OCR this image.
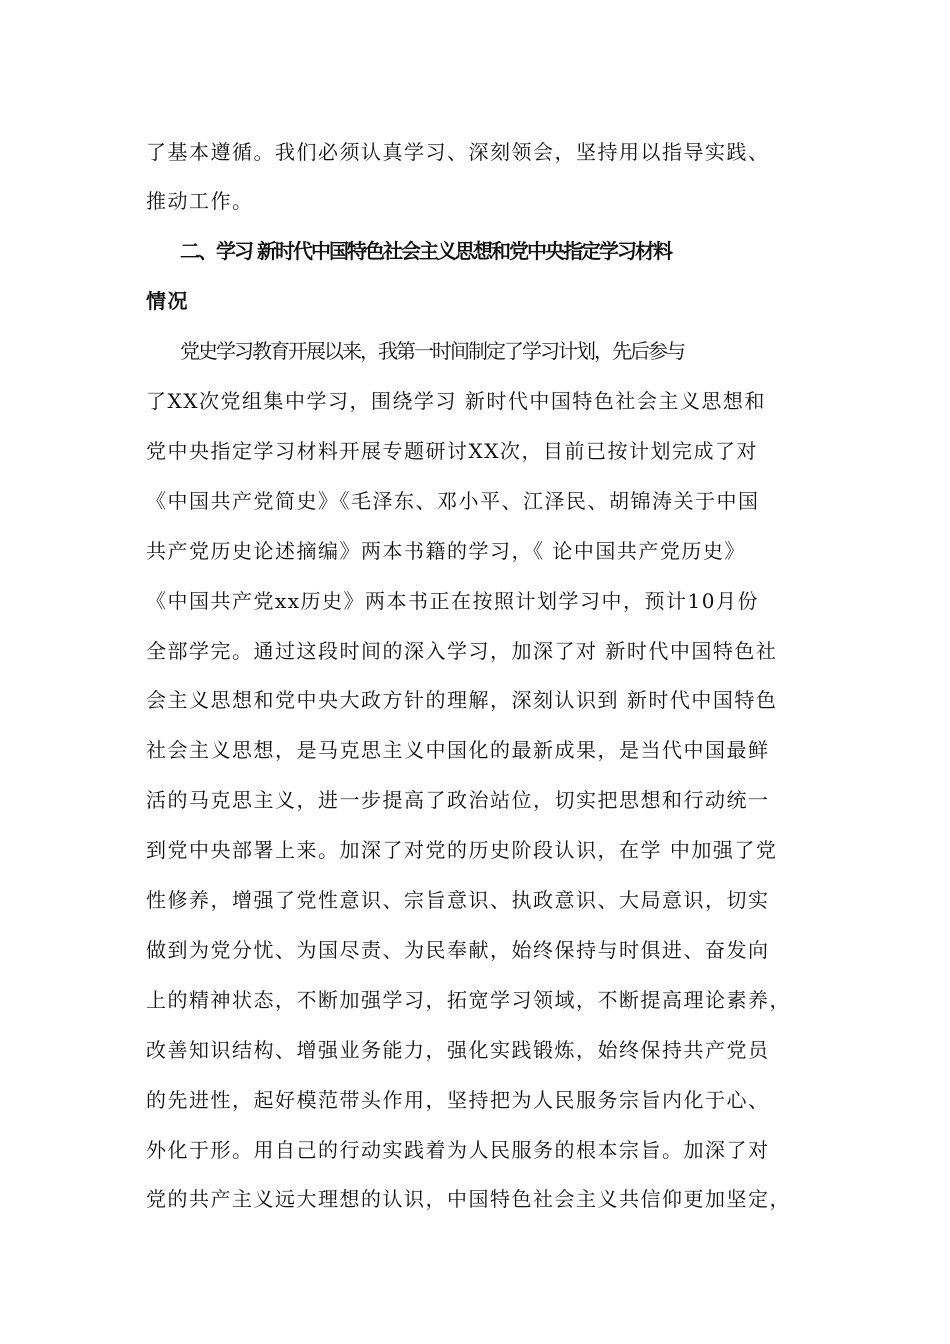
了基本遵循。我们必须认真学习、深刻领会，坚持用以指导实践、
推动工作。
二、学习 新时代中国特色社会主义思想和党中央指定学习材料
情况
党史学习教育开展以来，我第一时间制定了学习计划，先后参与
了XX次党组集中学习，围绕学习 新时代中国特色社会主义思想和
党中央指定学习材料开展专题研讨XX次，目前已按计划完成了对
《中国共产党简史》《毛泽东、邓小平、江泽民、胡锦涛关于中国
共产党历史论述摘编》两本书籍的学习，《 论中国共产党历史》
《中国共产党xx历史》两本书正在按照计划学习中，预计10月份
全部学完。通过这段时间的深入学习，加深了对 新时代中国特色社
会主义思想和党中央大政方针的理解，深刻认识到 新时代中国特色
社会主义思想，是马克思主义中国化的最新成果，是当代中国最鲜
活的马克思主义，进一步提高了政治站位，切实把思想和行动统一
到党中央部署上来。加深了对党的历史阶段认识，在学 中加强了党
性修养，增强了党性意识、宗旨意识、执政意识、大局意识，切实
做到为党分忧、为国尽责、为民奉献，始终保持与时俱进、奋发向
上的精神状态，不断加强学习，拓宽学习领域，不断提高理论素养，
改善知识结构、增强业务能力，强化实践锻炼，始终保持共产党员
的先进性，起好模范带头作用，坚持把为人民服务宗旨内化于心、
外化于形。用自己的行动实践着为人民服务的根本宗旨。加深了对
党的共产主义远大理想的认识，中国特色社会主义共信仰更加坚定，
